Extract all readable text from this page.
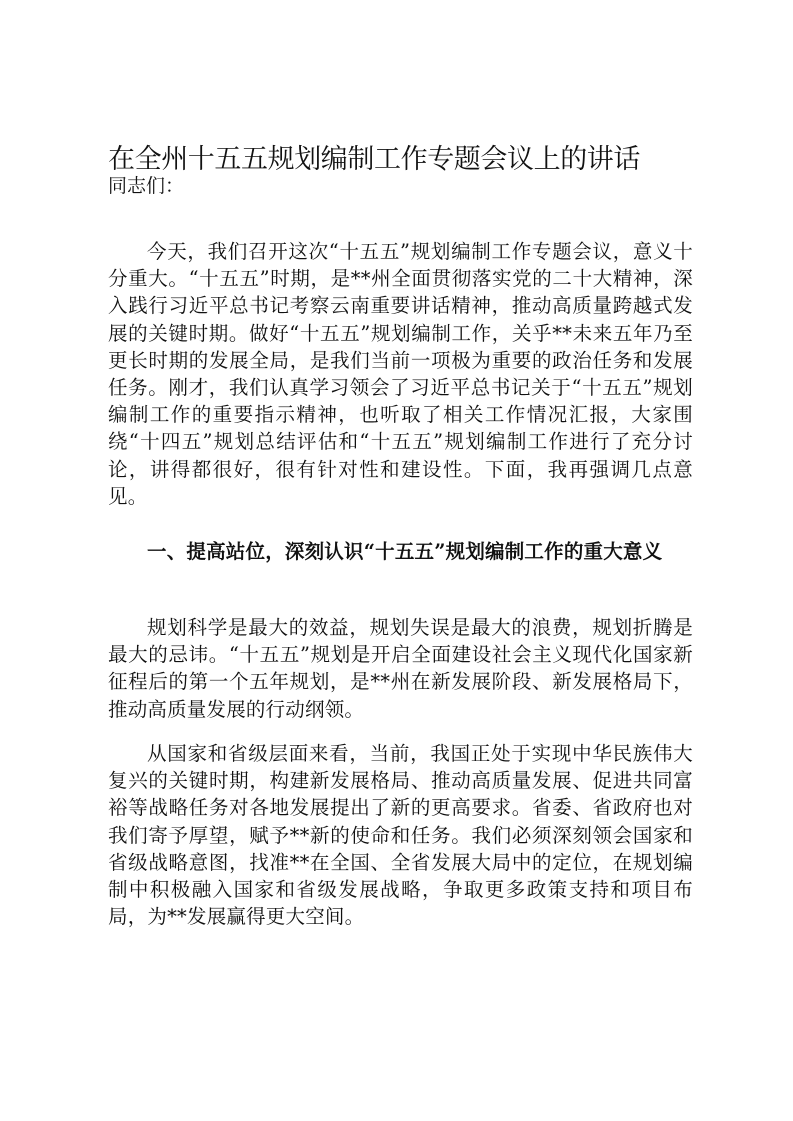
在全州十五五规划编制工作专题会议上的讲话
同志们：

今天，我们召开这次“十五五”规划编制工作专题会议，意义十分重大。“十五五”时期，是**州全面贯彻落实党的二十大精神，深入践行习近平总书记考察云南重要讲话精神，推动高质量跨越式发展的关键时期。做好“十五五”规划编制工作，关乎**未来五年乃至更长时期的发展全局，是我们当前一项极为重要的政治任务和发展任务。刚才，我们认真学习领会了习近平总书记关于“十五五”规划编制工作的重要指示精神，也听取了相关工作情况汇报，大家围绕“十四五”规划总结评估和“十五五”规划编制工作进行了充分讨论，讲得都很好，很有针对性和建设性。下面，我再强调几点意见。

一、提高站位，深刻认识“十五五”规划编制工作的重大意义

规划科学是最大的效益，规划失误是最大的浪费，规划折腾是最大的忌讳。“十五五”规划是开启全面建设社会主义现代化国家新征程后的第一个五年规划，是**州在新发展阶段、新发展格局下，推动高质量发展的行动纲领。

从国家和省级层面来看，当前，我国正处于实现中华民族伟大复兴的关键时期，构建新发展格局、推动高质量发展、促进共同富裕等战略任务对各地发展提出了新的更高要求。省委、省政府也对我们寄予厚望，赋予**新的使命和任务。我们必须深刻领会国家和省级战略意图，找准**在全国、全省发展大局中的定位，在规划编制中积极融入国家和省级发展战略，争取更多政策支持和项目布局，为**发展赢得更大空间。
